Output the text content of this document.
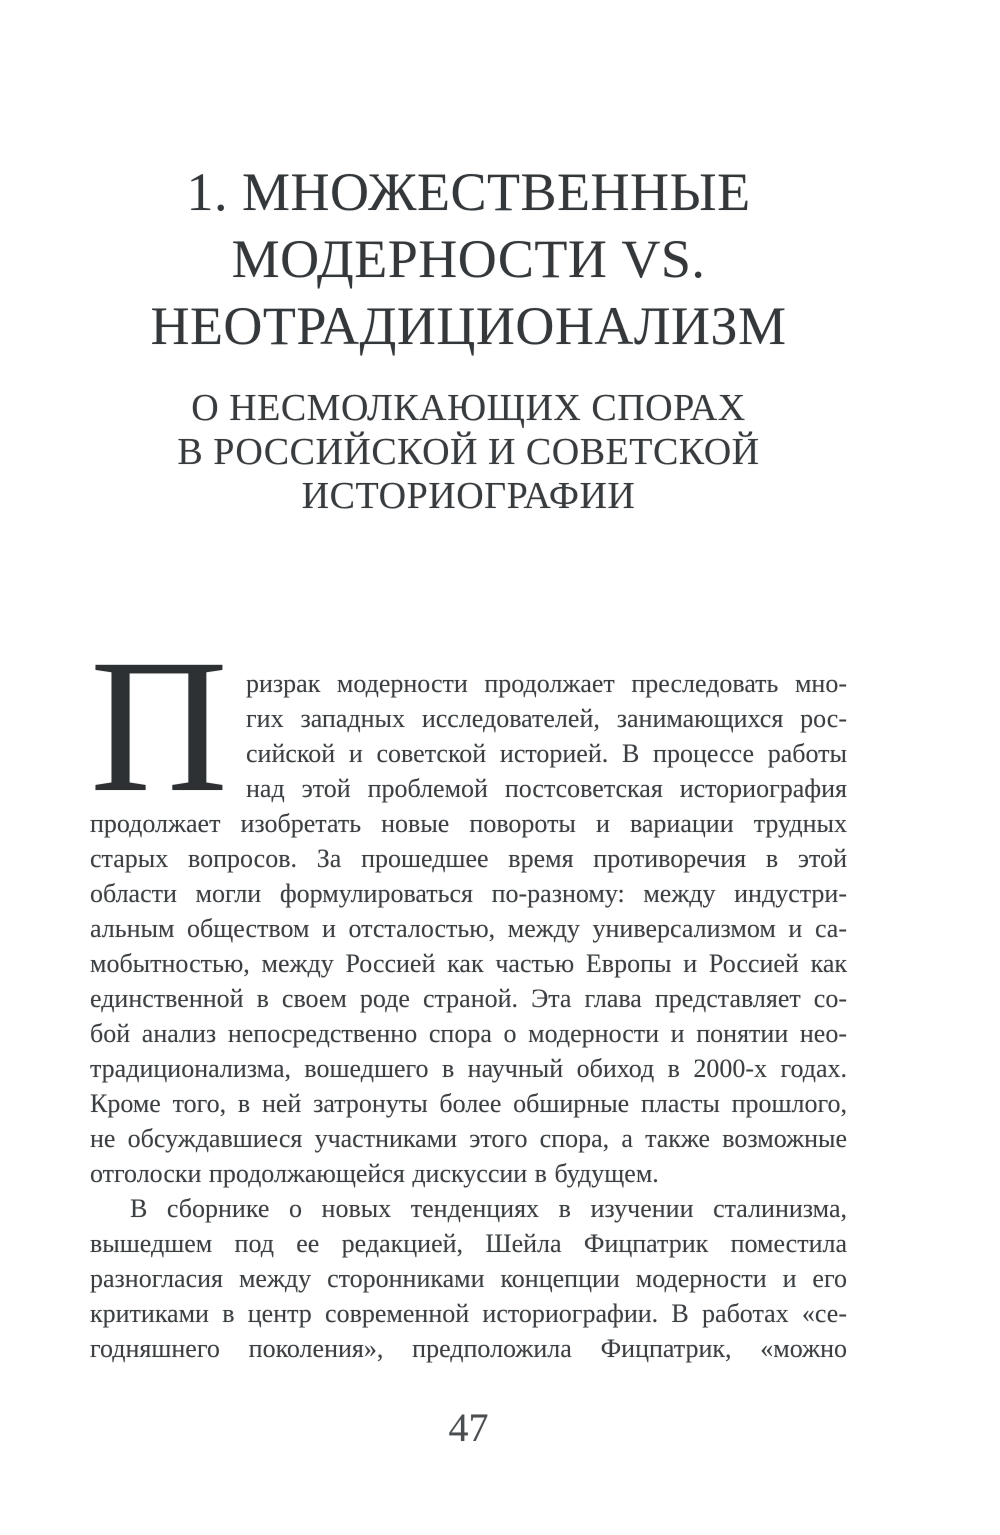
1. МНОЖЕСТВЕННЫЕ
МОДЕРНОСТИ VS.
НЕОТРАДИЦИОНАЛИЗМ
О НЕСМОЛКАЮЩИХ СПОРАХ
В РОССИЙСКОЙ И СОВЕТСКОЙ
ИСТОРИОГРАФИИ
П ризрак модерности продолжает преследовать мно-
гих западных исследователей, занимающихся рос-
сийской и советской историей. В процессе работы
над этой проблемой постсоветская историография
продолжает изобретать новые повороты и вариации трудных
старых вопросов. За прошедшее время противоречия в этой
области могли формулироваться по-разному: между индустри-
альным обществом и отсталостью, между универсализмом и са-
мобытностью, между Россией как частью Европы и Россией как
единственной в своем роде страной. Эта глава представляет со-
бой анализ непосредственно спора о модерности и понятии нео-
традиционализма, вошедшего в научный обиход в 2000-х годах.
Кроме того, в ней затронуты более обширные пласты прошлого,
не обсуждавшиеся участниками этого спора, а также возможные
отголоски продолжающейся дискуссии в будущем.
В сборнике о новых тенденциях в изучении сталинизма,
вышедшем под ее редакцией, Шейла Фицпатрик поместила
разногласия между сторонниками концепции модерности и его
критиками в центр современной историографии. В работах «се-
годняшнего поколения», предположила Фицпатрик, «можно
47
